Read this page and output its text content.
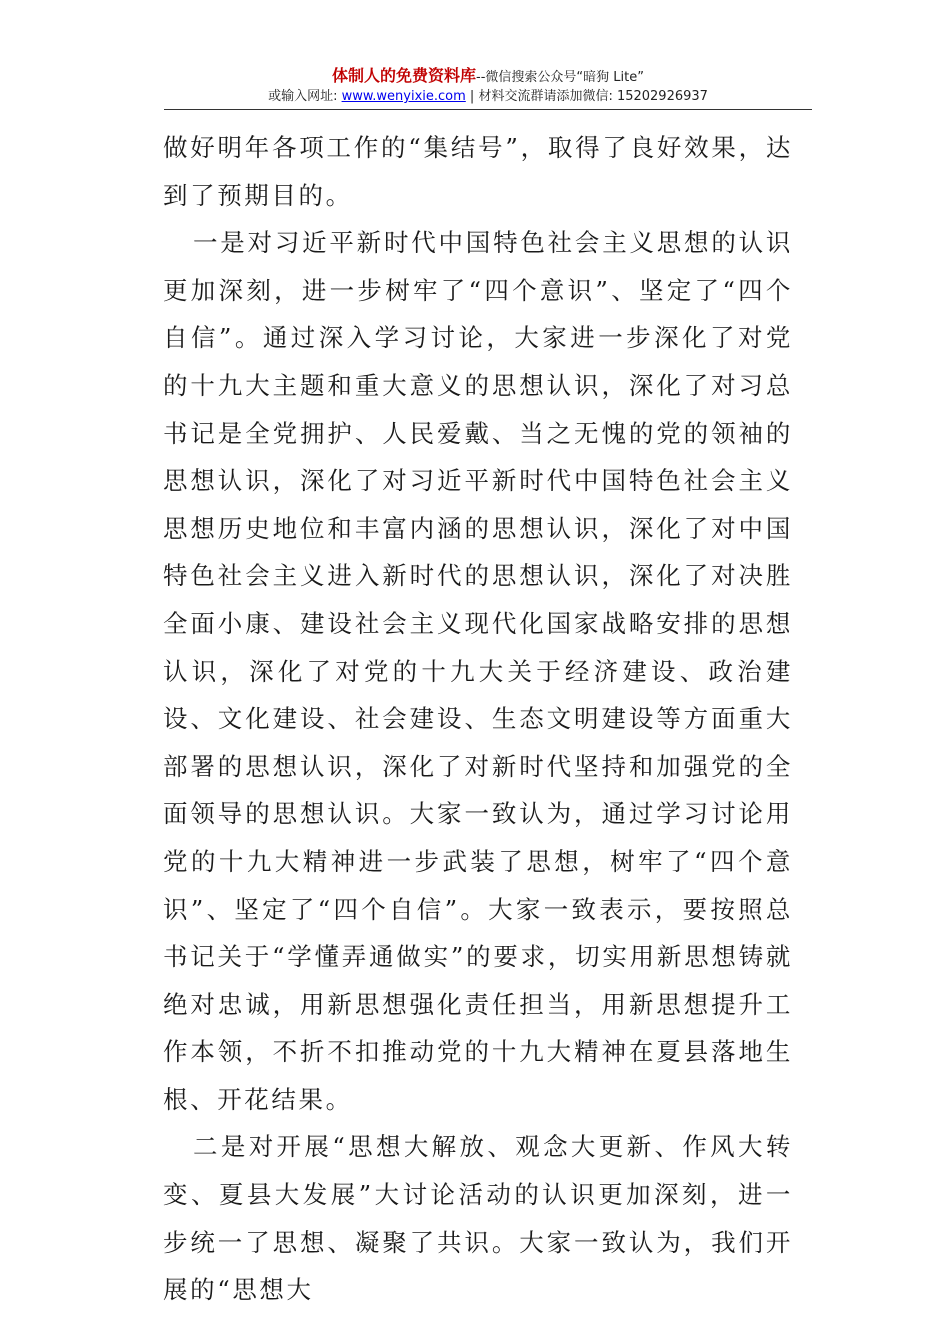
体制人的免费资料库--微信搜索公众号“暗狗 Lite”
或输入网址: www.wenyixie.com | 材料交流群请添加微信: 15202926937

做好明年各项工作的“集结号”，取得了良好效果，达到了预期目的。

一是对习近平新时代中国特色社会主义思想的认识更加深刻，进一步树牢了“四个意识”、坚定了“四个自信”。通过深入学习讨论，大家进一步深化了对党的十九大主题和重大意义的思想认识，深化了对习总书记是全党拥护、人民爱戴、当之无愧的党的领袖的思想认识，深化了对习近平新时代中国特色社会主义思想历史地位和丰富内涵的思想认识，深化了对中国特色社会主义进入新时代的思想认识，深化了对决胜全面小康、建设社会主义现代化国家战略安排的思想认识，深化了对党的十九大关于经济建设、政治建设、文化建设、社会建设、生态文明建设等方面重大部署的思想认识，深化了对新时代坚持和加强党的全面领导的思想认识。大家一致认为，通过学习讨论用党的十九大精神进一步武装了思想，树牢了“四个意识”、坚定了“四个自信”。大家一致表示，要按照总书记关于“学懂弄通做实”的要求，切实用新思想铸就绝对忠诚，用新思想强化责任担当，用新思想提升工作本领，不折不扣推动党的十九大精神在夏县落地生根、开花结果。

二是对开展“思想大解放、观念大更新、作风大转变、夏县大发展”大讨论活动的认识更加深刻，进一步统一了思想、凝聚了共识。大家一致认为，我们开展的“思想大
